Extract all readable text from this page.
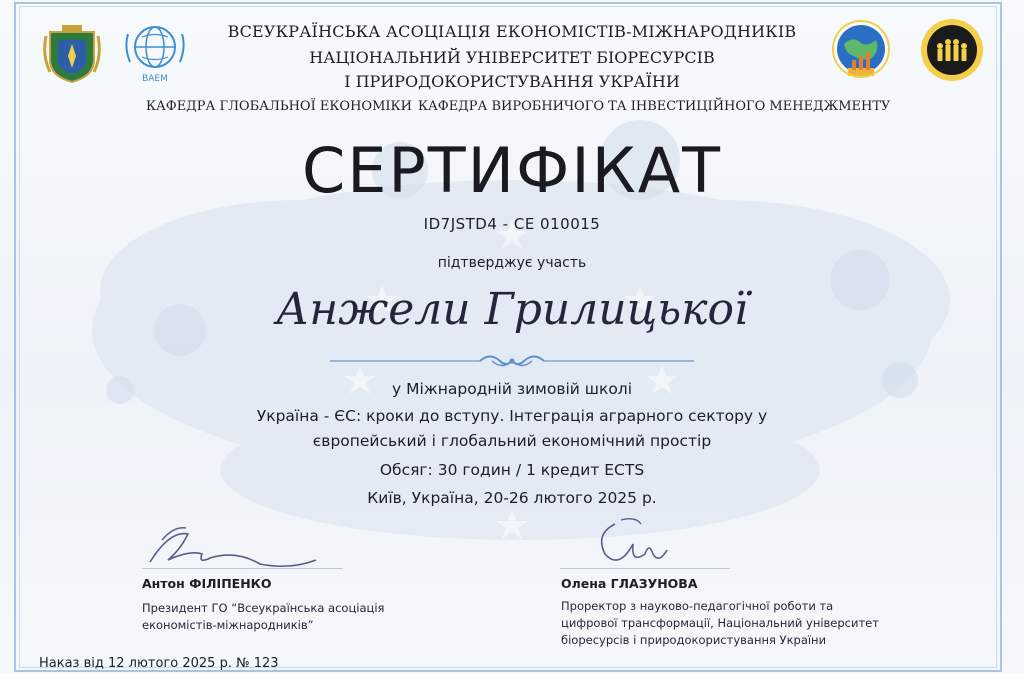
ВАЕМ
ВСЕУКРАЇНСЬКА АСОЦІАЦІЯ ЕКОНОМІСТІВ-МІЖНАРОДНИКІВ
НАЦІОНАЛЬНИЙ УНІВЕРСИТЕТ БІОРЕСУРСІВ
І ПРИРОДОКОРИСТУВАННЯ УКРАЇНИ
КАФЕДРА ГЛОБАЛЬНОЇ ЕКОНОМІКИ КАФЕДРА ВИРОБНИЧОГО ТА ІНВЕСТИЦІЙНОГО МЕНЕДЖМЕНТУ
СЕРТИФІКАТ
ID7JSTD4 - CE 010015
підтверджує участь
Анжели Грилицької
у Міжнародній зимовій школі
Україна - ЄС: кроки до вступу. Інтеграція аграрного сектору у
європейський і глобальний економічний простір
Обсяг: 30 годин / 1 кредит ECTS
Київ, Україна, 20-26 лютого 2025 р.
Антон ФІЛІПЕНКО
Президент ГО “Всеукраїнська асоціація
економістів-міжнародників”
Олена ГЛАЗУНОВА
Проректор з науково-педагогічної роботи та
цифрової трансформації, Національний університет
біоресурсів і природокористування України
Наказ від 12 лютого 2025 р. № 123
